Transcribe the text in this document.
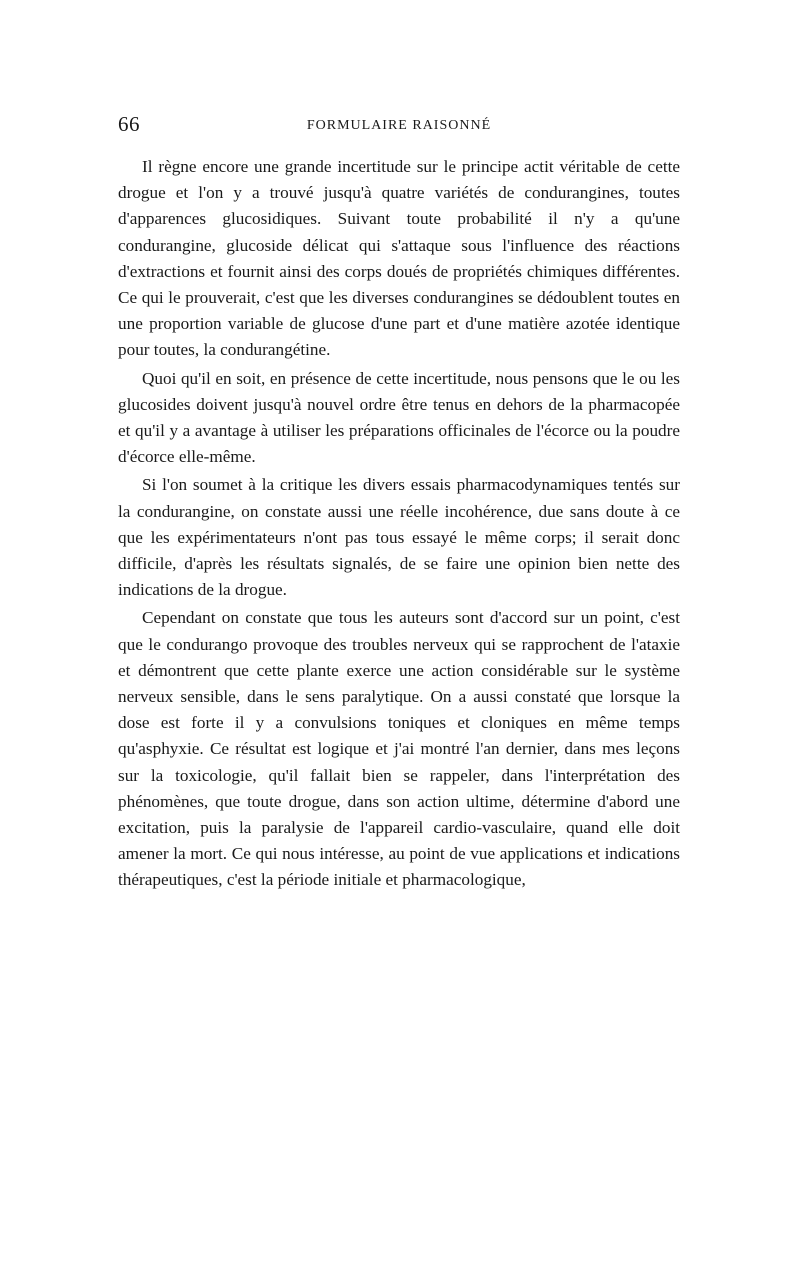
66	FORMULAIRE RAISONNÉ

Il règne encore une grande incertitude sur le principe actit véritable de cette drogue et l'on y a trouvé jusqu'à quatre variétés de condurangines, toutes d'apparences glucosidiques. Suivant toute probabilité il n'y a qu'une condurangine, glucoside délicat qui s'attaque sous l'influence des réactions d'extractions et fournit ainsi des corps doués de propriétés chimiques différentes. Ce qui le prouverait, c'est que les diverses condurangines se dédoublent toutes en une proportion variable de glucose d'une part et d'une matière azotée identique pour toutes, la condurangétine.

Quoi qu'il en soit, en présence de cette incertitude, nous pensons que le ou les glucosides doivent jusqu'à nouvel ordre être tenus en dehors de la pharmacopée et qu'il y a avantage à utiliser les préparations officinales de l'écorce ou la poudre d'écorce elle-même.

Si l'on soumet à la critique les divers essais pharmacodynamiques tentés sur la condurangine, on constate aussi une réelle incohérence, due sans doute à ce que les expérimentateurs n'ont pas tous essayé le même corps; il serait donc difficile, d'après les résultats signalés, de se faire une opinion bien nette des indications de la drogue.

Cependant on constate que tous les auteurs sont d'accord sur un point, c'est que le condurango provoque des troubles nerveux qui se rapprochent de l'ataxie et démontrent que cette plante exerce une action considérable sur le système nerveux sensible, dans le sens paralytique. On a aussi constaté que lorsque la dose est forte il y a convulsions toniques et cloniques en même temps qu'asphyxie. Ce résultat est logique et j'ai montré l'an dernier, dans mes leçons sur la toxicologie, qu'il fallait bien se rappeler, dans l'interprétation des phénomènes, que toute drogue, dans son action ultime, détermine d'abord une excitation, puis la paralysie de l'appareil cardio-vasculaire, quand elle doit amener la mort. Ce qui nous intéresse, au point de vue applications et indications thérapeutiques, c'est la période initiale et pharmacologique,
